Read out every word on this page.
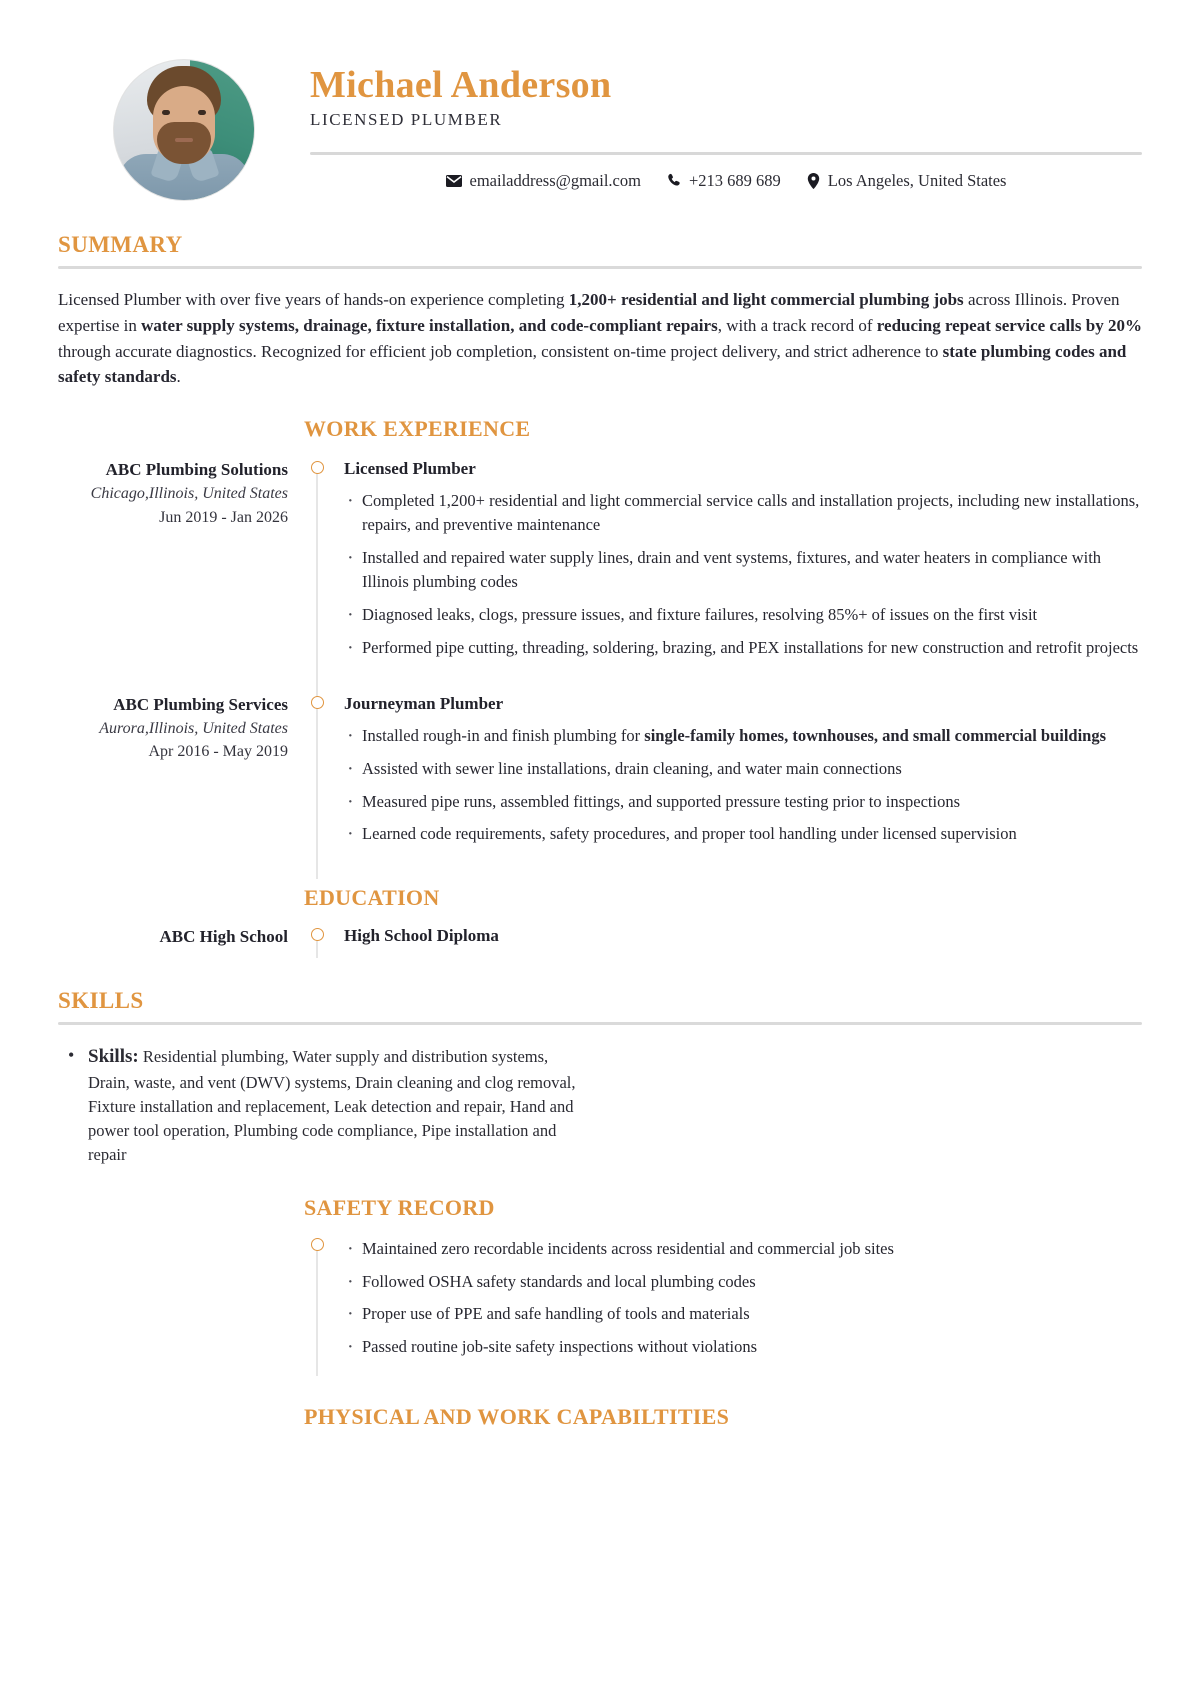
Michael Anderson

LICENSED PLUMBER

emailaddress@gmail.com	+213 689 689	Los Angeles, United States
SUMMARY

Licensed Plumber with over five years of hands-on experience completing 1,200+ residential and light commercial plumbing jobs across Illinois. Proven expertise in water supply systems, drainage, fixture installation, and code-compliant repairs, with a track record of reducing repeat service calls by 20% through accurate diagnostics. Recognized for efficient job completion, consistent on-time project delivery, and strict adherence to state plumbing codes and safety standards.

WORK EXPERIENCE
ABC Plumbing Solutions
Chicago,Illinois, United States
Jun 2019 - Jan 2026
Licensed Plumber
· Completed 1,200+ residential and light commercial service calls and installation projects, including new installations, repairs, and preventive maintenance
· Installed and repaired water supply lines, drain and vent systems, fixtures, and water heaters in compliance with Illinois plumbing codes
· Diagnosed leaks, clogs, pressure issues, and fixture failures, resolving 85%+ of issues on the first visit
· Performed pipe cutting, threading, soldering, brazing, and PEX installations for new construction and retrofit projects
ABC Plumbing Services
Aurora,Illinois, United States
Apr 2016 - May 2019
Journeyman Plumber
· Installed rough-in and finish plumbing for single-family homes, townhouses, and small commercial buildings
· Assisted with sewer line installations, drain cleaning, and water main connections
· Measured pipe runs, assembled fittings, and supported pressure testing prior to inspections
· Learned code requirements, safety procedures, and proper tool handling under licensed supervision
EDUCATION
ABC High School	High School Diploma
SKILLS
• Skills: Residential plumbing, Water supply and distribution systems, Drain, waste, and vent (DWV) systems, Drain cleaning and clog removal, Fixture installation and replacement, Leak detection and repair, Hand and power tool operation, Plumbing code compliance, Pipe installation and repair
SAFETY RECORD
· Maintained zero recordable incidents across residential and commercial job sites
· Followed OSHA safety standards and local plumbing codes
· Proper use of PPE and safe handling of tools and materials
· Passed routine job-site safety inspections without violations
PHYSICAL AND WORK CAPABILTITIES
